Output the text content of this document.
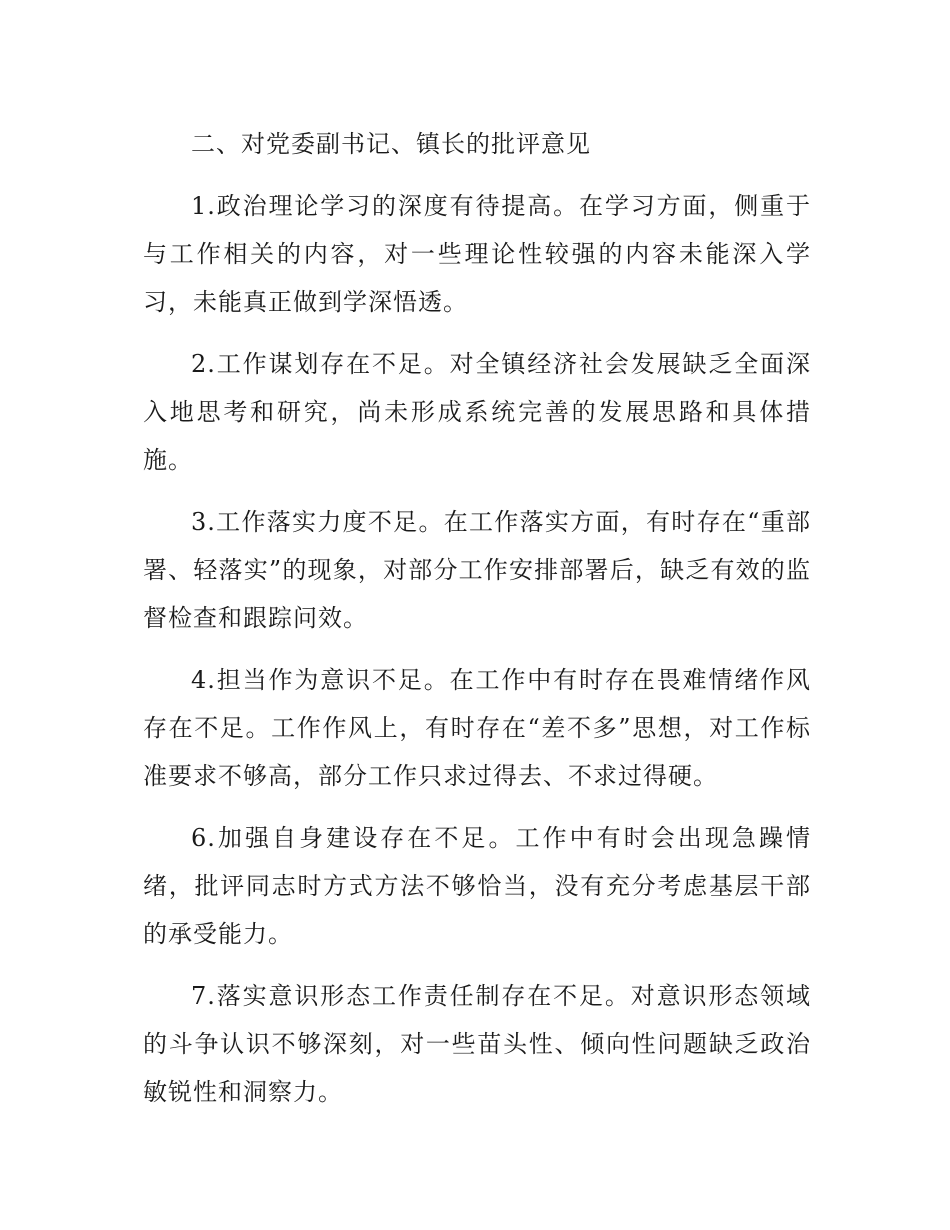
二、对党委副书记、镇长的批评意见

1.政治理论学习的深度有待提高。在学习方面，侧重于与工作相关的内容，对一些理论性较强的内容未能深入学习，未能真正做到学深悟透。

2.工作谋划存在不足。对全镇经济社会发展缺乏全面深入地思考和研究，尚未形成系统完善的发展思路和具体措施。

3.工作落实力度不足。在工作落实方面，有时存在“重部署、轻落实”的现象，对部分工作安排部署后，缺乏有效的监督检查和跟踪问效。

4.担当作为意识不足。在工作中有时存在畏难情绪作风存在不足。工作作风上，有时存在“差不多”思想，对工作标准要求不够高，部分工作只求过得去、不求过得硬。

6.加强自身建设存在不足。工作中有时会出现急躁情绪，批评同志时方式方法不够恰当，没有充分考虑基层干部的承受能力。

7.落实意识形态工作责任制存在不足。对意识形态领域的斗争认识不够深刻，对一些苗头性、倾向性问题缺乏政治敏锐性和洞察力。
